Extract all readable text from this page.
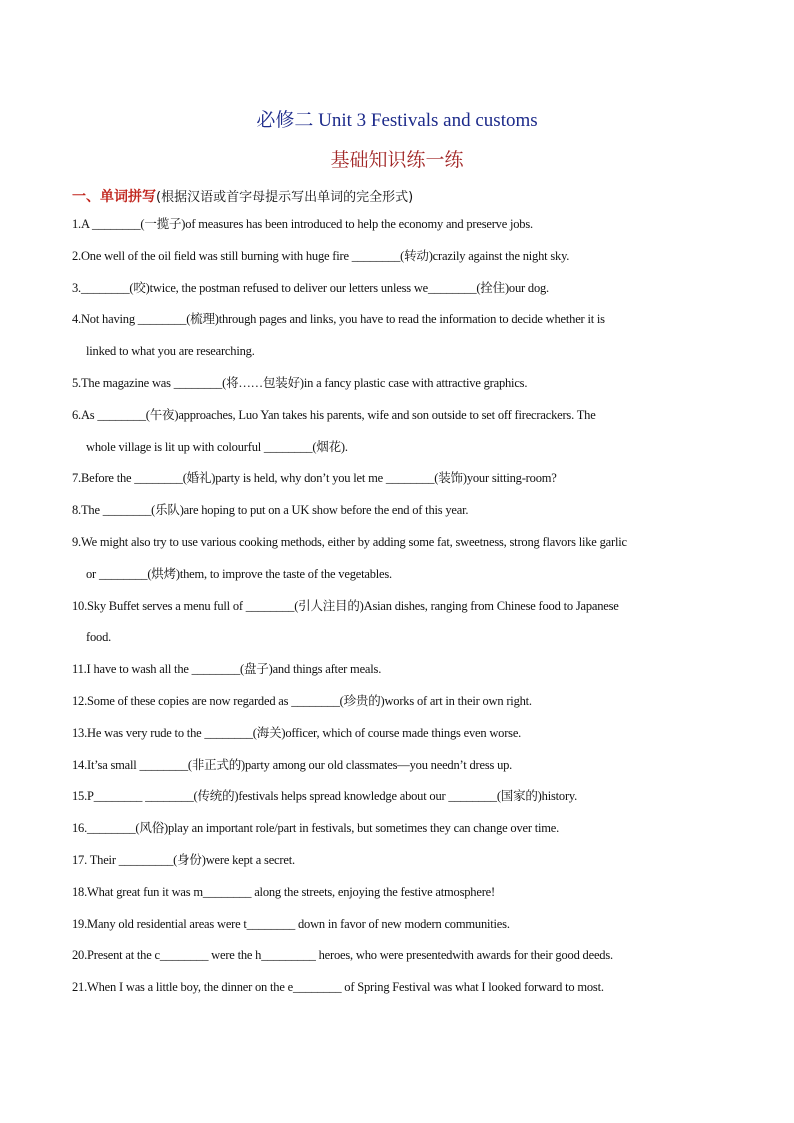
必修二 Unit 3 Festivals and customs
基础知识练一练
一、单词拼写(根据汉语或首字母提示写出单词的完全形式)

1.A ________(一揽子)of measures has been introduced to help the economy and preserve jobs.

2.One well of the oil field was still burning with huge fire ________(转动)crazily against the night sky.

3.________(咬)twice, the postman refused to deliver our letters unless we________(拴住)our dog.

4.Not having ________(梳理)through pages and links, you have to read the information to decide whether it is

linked to what you are researching.

5.The magazine was ________(将……包装好)in a fancy plastic case with attractive graphics.

6.As ________(午夜)approaches, Luo Yan takes his parents, wife and son outside to set off firecrackers. The

whole village is lit up with colourful ________(烟花).

7.Before the ________(婚礼)party is held, why don’t you let me ________(装饰)your sitting-room?

8.The ________(乐队)are hoping to put on a UK show before the end of this year.

9.We might also try to use various cooking methods, either by adding some fat, sweetness, strong flavors like garlic

or ________(烘烤)them, to improve the taste of the vegetables.

10.Sky Buffet serves a menu full of ________(引人注目的)Asian dishes, ranging from Chinese food to Japanese

food.

11.I have to wash all the ________(盘子)and things after meals.

12.Some of these copies are now regarded as ________(珍贵的)works of art in their own right.

13.He was very rude to the ________(海关)officer, which of course made things even worse.

14.It’sa small ________(非正式的)party among our old classmates—you needn’t dress up.

15.P________ ________(传统的)festivals helps spread knowledge about our ________(国家的)history.

16.________(风俗)play an important role/part in festivals, but sometimes they can change over time.

17. Their _________(身份)were kept a secret.

18.What great fun it was m________ along the streets, enjoying the festive atmosphere!

19.Many old residential areas were t________ down in favor of new modern communities.

20.Present at the c________ were the h_________ heroes, who were presentedwith awards for their good deeds.

21.When I was a little boy, the dinner on the e________ of Spring Festival was what I looked forward to most.
